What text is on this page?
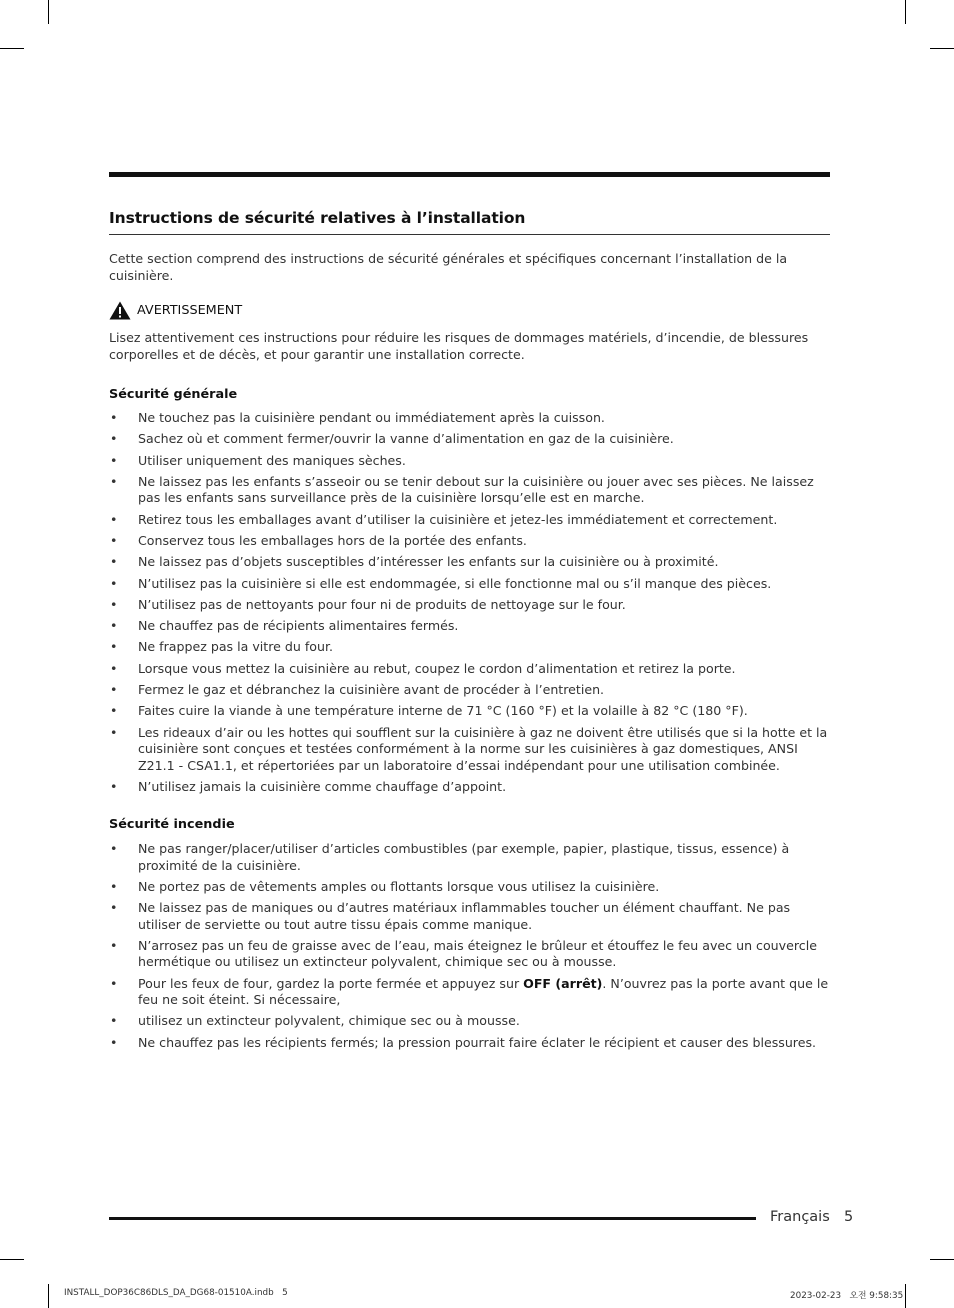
Instructions de sécurité relatives à l’installation
Cette section comprend des instructions de sécurité générales et spécifiques concernant l’installation de la cuisinière.
AVERTISSEMENT
Lisez attentivement ces instructions pour réduire les risques de dommages matériels, d’incendie, de blessures corporelles et de décès, et pour garantir une installation correcte.
Sécurité générale
• Ne touchez pas la cuisinière pendant ou immédiatement après la cuisson.
• Sachez où et comment fermer/ouvrir la vanne d’alimentation en gaz de la cuisinière.
• Utiliser uniquement des maniques sèches.
• Ne laissez pas les enfants s’asseoir ou se tenir debout sur la cuisinière ou jouer avec ses pièces. Ne laissez pas les enfants sans surveillance près de la cuisinière lorsqu’elle est en marche.
• Retirez tous les emballages avant d’utiliser la cuisinière et jetez-les immédiatement et correctement.
• Conservez tous les emballages hors de la portée des enfants.
• Ne laissez pas d’objets susceptibles d’intéresser les enfants sur la cuisinière ou à proximité.
• N’utilisez pas la cuisinière si elle est endommagée, si elle fonctionne mal ou s’il manque des pièces.
• N’utilisez pas de nettoyants pour four ni de produits de nettoyage sur le four.
• Ne chauffez pas de récipients alimentaires fermés.
• Ne frappez pas la vitre du four.
• Lorsque vous mettez la cuisinière au rebut, coupez le cordon d’alimentation et retirez la porte.
• Fermez le gaz et débranchez la cuisinière avant de procéder à l’entretien.
• Faites cuire la viande à une température interne de 71 °C (160 °F) et la volaille à 82 °C (180 °F).
• Les rideaux d’air ou les hottes qui soufflent sur la cuisinière à gaz ne doivent être utilisés que si la hotte et la cuisinière sont conçues et testées conformément à la norme sur les cuisinières à gaz domestiques, ANSI Z21.1 - CSA1.1, et répertoriées par un laboratoire d’essai indépendant pour une utilisation combinée.
• N’utilisez jamais la cuisinière comme chauffage d’appoint.
Sécurité incendie
• Ne pas ranger/placer/utiliser d’articles combustibles (par exemple, papier, plastique, tissus, essence) à proximité de la cuisinière.
• Ne portez pas de vêtements amples ou flottants lorsque vous utilisez la cuisinière.
• Ne laissez pas de maniques ou d’autres matériaux inflammables toucher un élément chauffant. Ne pas utiliser de serviette ou tout autre tissu épais comme manique.
• N’arrosez pas un feu de graisse avec de l’eau, mais éteignez le brûleur et étouffez le feu avec un couvercle hermétique ou utilisez un extincteur polyvalent, chimique sec ou à mousse.
• Pour les feux de four, gardez la porte fermée et appuyez sur OFF (arrêt). N’ouvrez pas la porte avant que le feu ne soit éteint. Si nécessaire,
• utilisez un extincteur polyvalent, chimique sec ou à mousse.
• Ne chauffez pas les récipients fermés; la pression pourrait faire éclater le récipient et causer des blessures.
Français 5
INSTALL_DOP36C86DLS_DA_DG68-01510A.indb   5	2023-02-23   오전 9:58:35
